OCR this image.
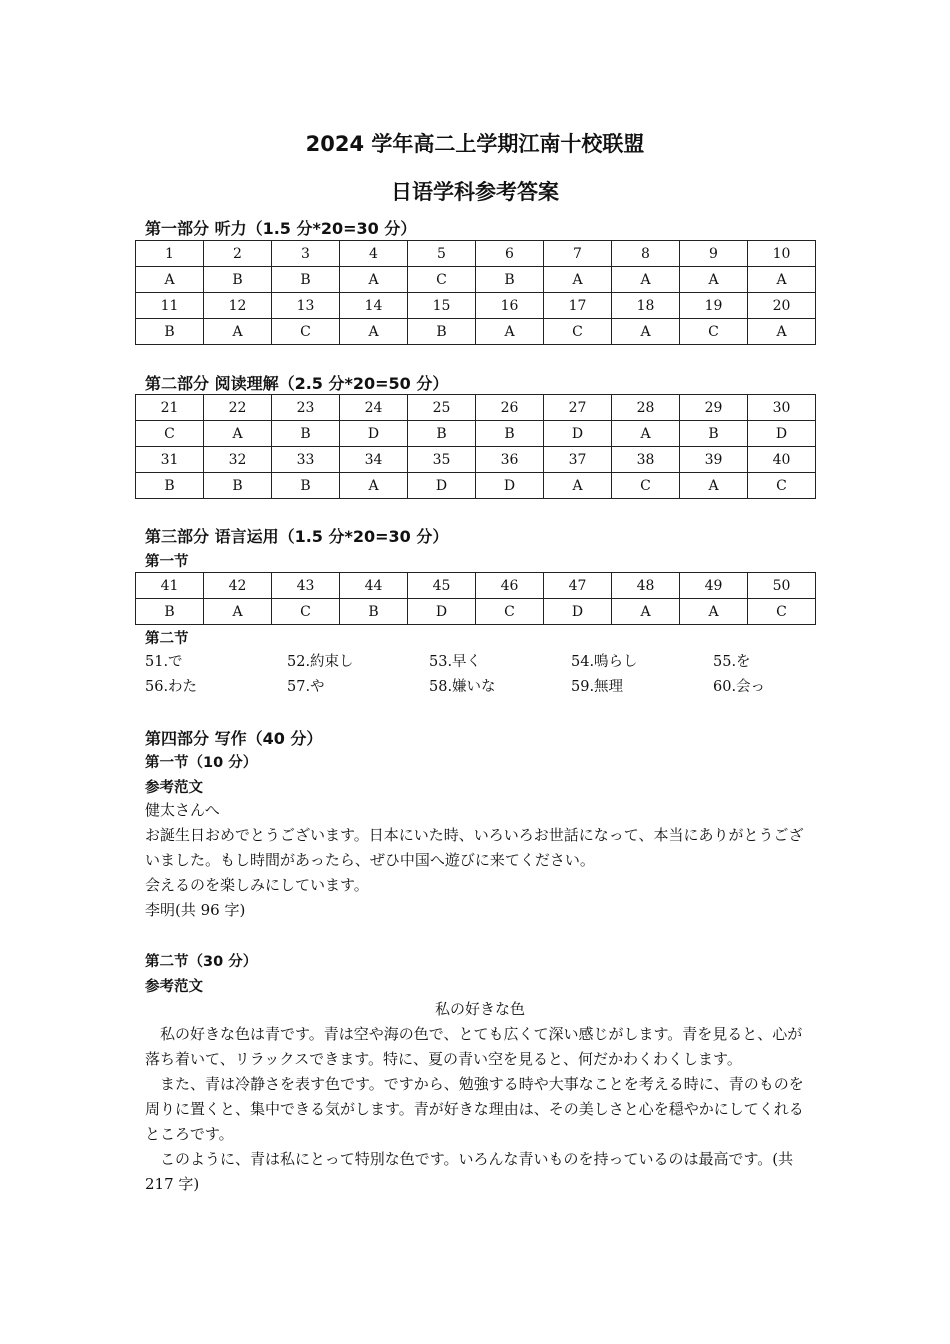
2024 学年高二上学期江南十校联盟
日语学科参考答案
第一部分 听力（1.5 分*20=30 分）
1	2	3	4	5	6	7	8	9	10
A	B	B	A	C	B	A	A	A	A
11	12	13	14	15	16	17	18	19	20
B	A	C	A	B	A	C	A	C	A
第二部分 阅读理解（2.5 分*20=50 分）
21	22	23	24	25	26	27	28	29	30
C	A	B	D	B	B	D	A	B	D
31	32	33	34	35	36	37	38	39	40
B	B	B	A	D	D	A	C	A	C
第三部分 语言运用（1.5 分*20=30 分）
第一节
41	42	43	44	45	46	47	48	49	50
B	A	C	B	D	C	D	A	A	C
第二节
51.で	52.約束し	53.早く	54.鳴らし	55.を
56.わた	57.や	58.嫌いな	59.無理	60.会っ
第四部分 写作（40 分）
第一节（10 分）
参考范文

健太さんへ

お誕生日おめでとうございます。日本にいた時、いろいろお世話になって、本当にありがとうございました。もし時間があったら、ぜひ中国へ遊びに来てください。

会えるのを楽しみにしています。

李明(共 96 字)

第二节（30 分）
参考范文

私の好きな色

私の好きな色は青です。青は空や海の色で、とても広くて深い感じがします。青を見ると、心が落ち着いて、リラックスできます。特に、夏の青い空を見ると、何だかわくわくします。

また、青は冷静さを表す色です。ですから、勉強する時や大事なことを考える時に、青のものを周りに置くと、集中できる気がします。青が好きな理由は、その美しさと心を穏やかにしてくれるところです。

このように、青は私にとって特別な色です。いろんな青いものを持っているのは最高です。(共 217 字)
